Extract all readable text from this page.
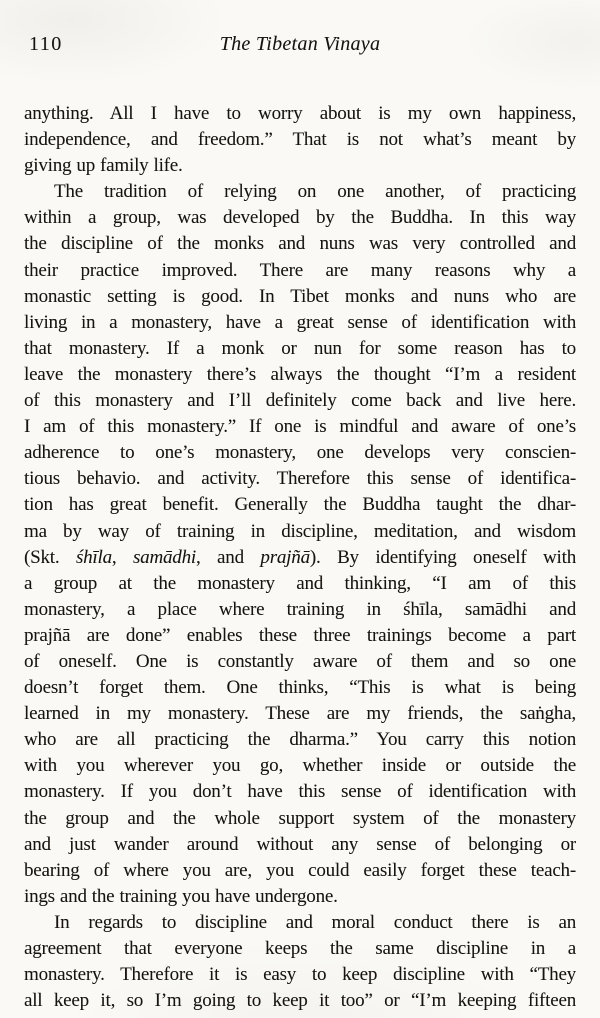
110	The Tibetan Vinaya
anything. All I have to worry about is my own happiness,
independence, and freedom.” That is not what’s meant by
giving up family life.
The tradition of relying on one another, of practicing
within a group, was developed by the Buddha. In this way
the discipline of the monks and nuns was very controlled and
their practice improved. There are many reasons why a
monastic setting is good. In Tibet monks and nuns who are
living in a monastery, have a great sense of identification with
that monastery. If a monk or nun for some reason has to
leave the monastery there’s always the thought “I’m a resident
of this monastery and I’ll definitely come back and live here.
I am of this monastery.” If one is mindful and aware of one’s
adherence to one’s monastery, one develops very conscien-
tious behavio. and activity. Therefore this sense of identifica-
tion has great benefit. Generally the Buddha taught the dhar-
ma by way of training in discipline, meditation, and wisdom
(Skt. śhīla, samādhi, and prajñā). By identifying oneself with
a group at the monastery and thinking, “I am of this
monastery, a place where training in śhīla, samādhi and
prajñā are done” enables these three trainings become a part
of oneself. One is constantly aware of them and so one
doesn’t forget them. One thinks, “This is what is being
learned in my monastery. These are my friends, the saṅgha,
who are all practicing the dharma.” You carry this notion
with you wherever you go, whether inside or outside the
monastery. If you don’t have this sense of identification with
the group and the whole support system of the monastery
and just wander around without any sense of belonging or
bearing of where you are, you could easily forget these teach-
ings and the training you have undergone.
In regards to discipline and moral conduct there is an
agreement that everyone keeps the same discipline in a
monastery. Therefore it is easy to keep discipline with “They
all keep it, so I’m going to keep it too” or “I’m keeping fifteen
